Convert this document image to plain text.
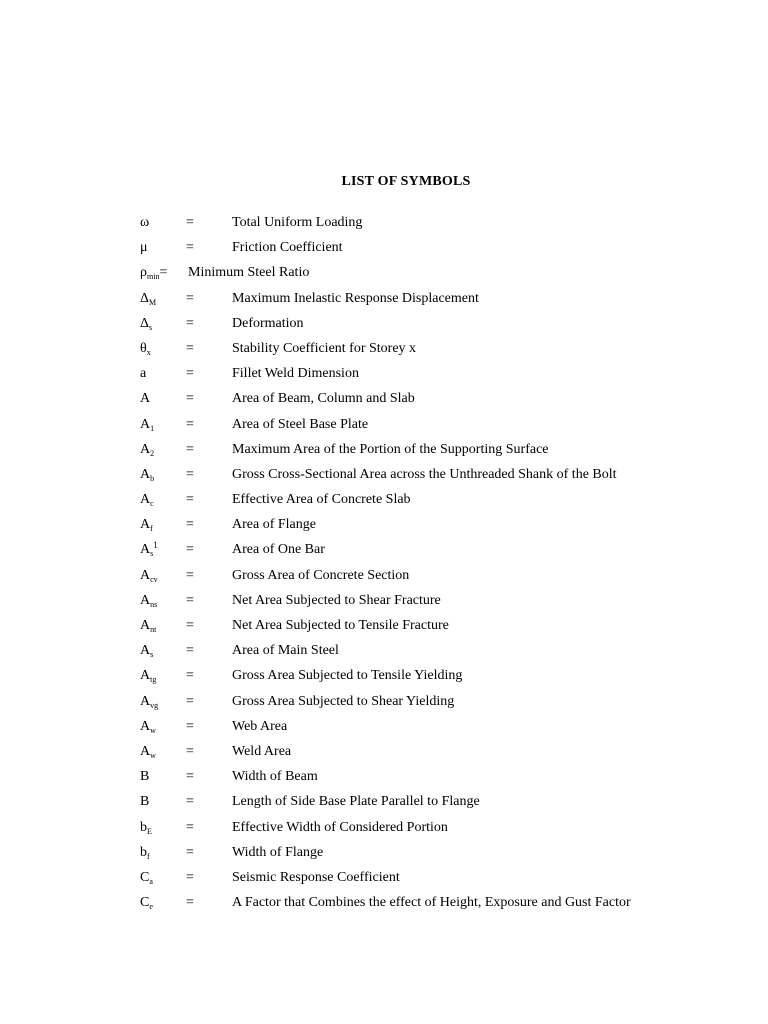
LIST OF SYMBOLS
ω	=	Total Uniform Loading
μ	=	Friction Coefficient
$\rho_{min}=$ Minimum Steel Ratio
$\Delta_M$ =	Maximum Inelastic Response Displacement
$\Delta_s$ =	Deformation
$\theta_x$	=	Stability Coefficient for Storey x
a	=	Fillet Weld Dimension
A	=	Area of Beam, Column and Slab
$A_1$ =	Area of Steel Base Plate
$A_2$ =	Maximum Area of the Portion of the Supporting Surface
$A_b$ =	Gross Cross-Sectional Area across the Unthreaded Shank of the Bolt
$A_c$ =	Effective Area of Concrete Slab
$A_f$ =	Area of Flange
$A_s^1$ =	Area of One Bar
$A_{cv}$ =	Gross Area of Concrete Section
$A_{ns}$ =	Net Area Subjected to Shear Fracture
$A_{nt}$ =	Net Area Subjected to Tensile Fracture
$A_s$ =	Area of Main Steel
$A_{tg}$ =	Gross Area Subjected to Tensile Yielding
$A_{vg}$ =	Gross Area Subjected to Shear Yielding
$A_w$ =	Web Area
$A_w$ =	Weld Area
B	=	Width of Beam
B	=	Length of Side Base Plate Parallel to Flange
$b_E$ =	Effective Width of Considered Portion
$b_f$	=	Width of Flange
$C_a$ =	Seismic Response Coefficient
$C_e$ =	A Factor that Combines the effect of Height, Exposure and Gust Factor
